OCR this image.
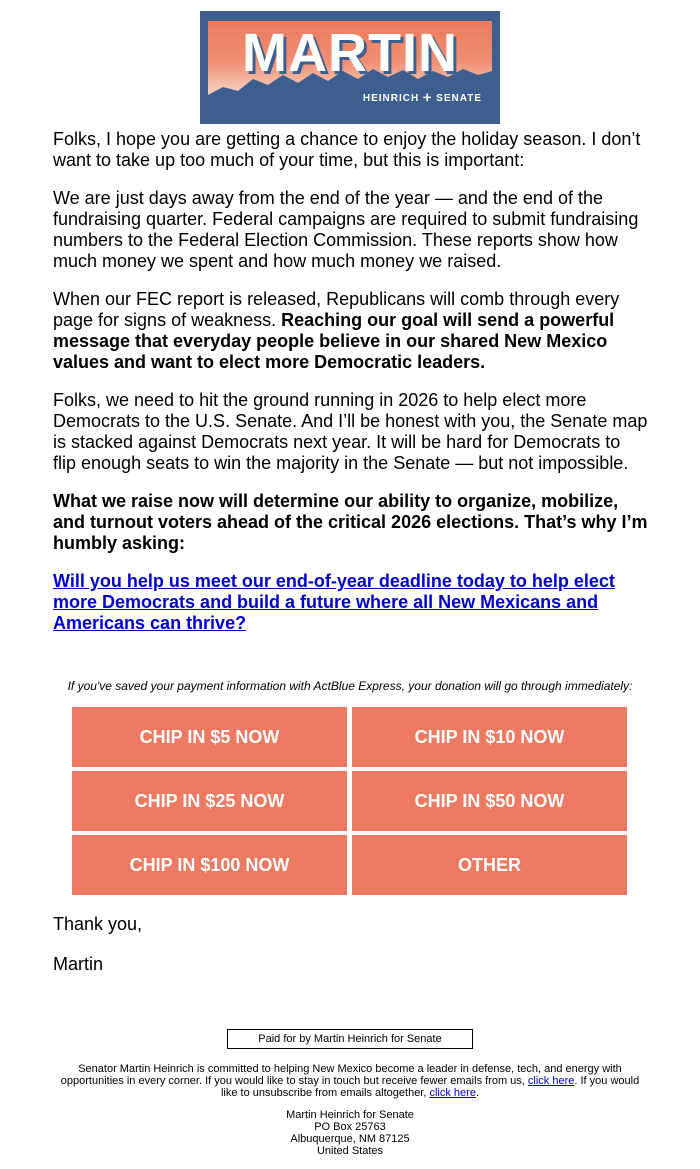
MARTIN
HEINRICH ✛ SENATE

Folks, I hope you are getting a chance to enjoy the holiday season. I don’t want to take up too much of your time, but this is important:

We are just days away from the end of the year — and the end of the fundraising quarter. Federal campaigns are required to submit fundraising numbers to the Federal Election Commission. These reports show how much money we spent and how much money we raised.

When our FEC report is released, Republicans will comb through every page for signs of weakness. Reaching our goal will send a powerful message that everyday people believe in our shared New Mexico values and want to elect more Democratic leaders.

Folks, we need to hit the ground running in 2026 to help elect more Democrats to the U.S. Senate. And I’ll be honest with you, the Senate map is stacked against Democrats next year. It will be hard for Democrats to flip enough seats to win the majority in the Senate — but not impossible.

What we raise now will determine our ability to organize, mobilize, and turnout voters ahead of the critical 2026 elections. That’s why I’m humbly asking:

Will you help us meet our end-of-year deadline today to help elect more Democrats and build a future where all New Mexicans and Americans can thrive?

If you've saved your payment information with ActBlue Express, your donation will go through immediately:
CHIP IN $5 NOW	CHIP IN $10 NOW
CHIP IN $25 NOW	CHIP IN $50 NOW
CHIP IN $100 NOW	OTHER
Thank you,
Martin
Paid for by Martin Heinrich for Senate
Senator Martin Heinrich is committed to helping New Mexico become a leader in defense, tech, and energy with opportunities in every corner. If you would like to stay in touch but receive fewer emails from us, click here. If you would like to unsubscribe from emails altogether, click here.
Martin Heinrich for Senate
PO Box 25763
Albuquerque, NM 87125
United States
